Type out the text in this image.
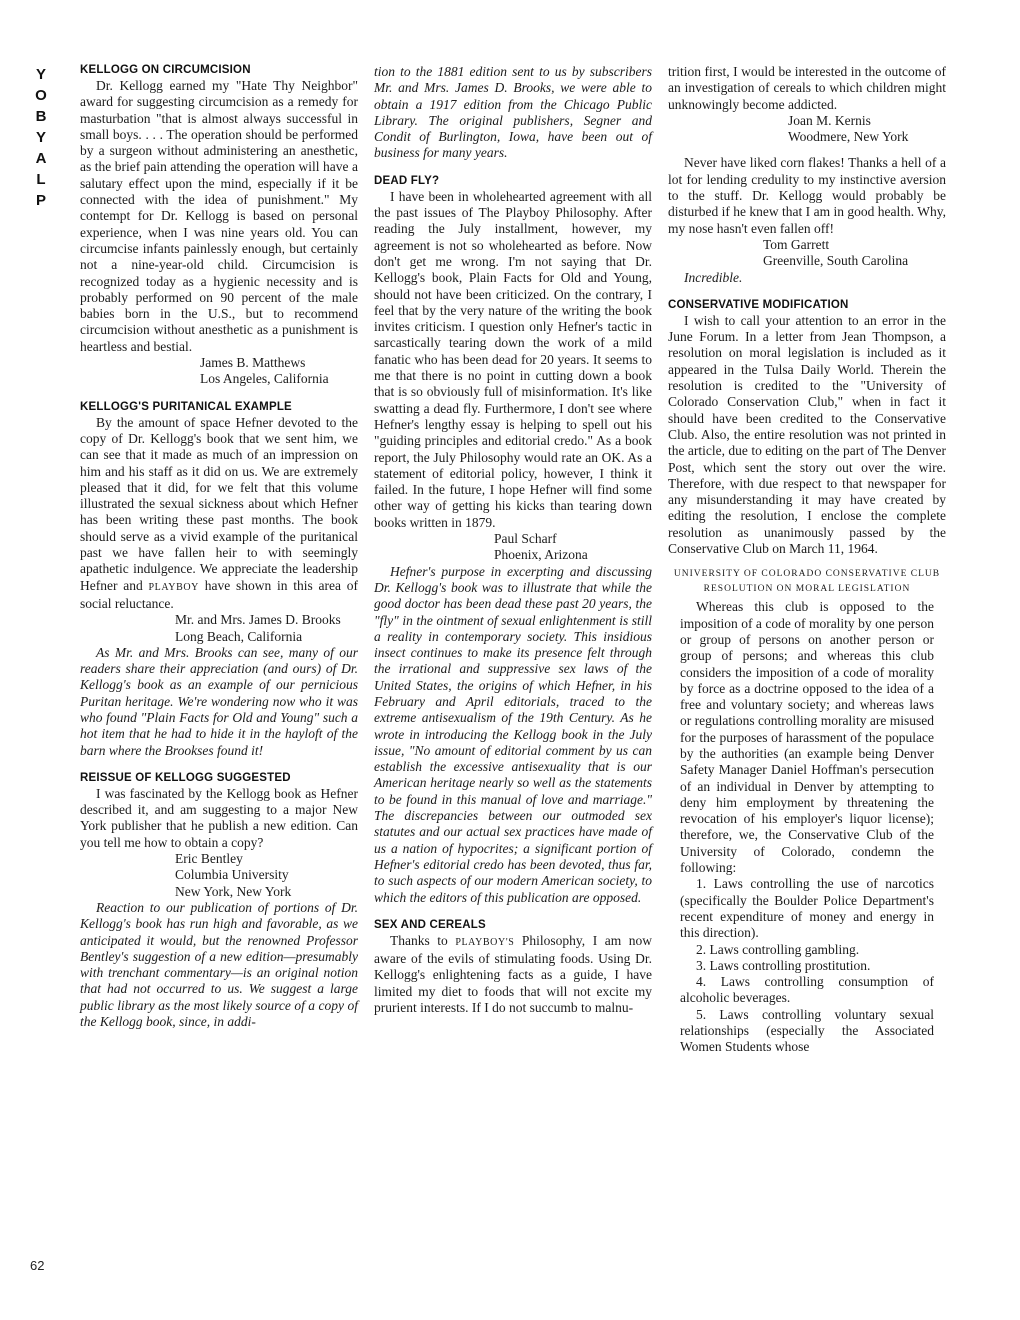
Y
O
B
Y
A
L
P
62
KELLOGG ON CIRCUMCISION

Dr. Kellogg earned my "Hate Thy Neighbor" award for suggesting circumcision as a remedy for masturbation "that is almost always successful in small boys. . . . The operation should be performed by a surgeon without administering an anesthetic, as the brief pain attending the operation will have a salutary effect upon the mind, especially if it be connected with the idea of punishment." My contempt for Dr. Kellogg is based on personal experience, when I was nine years old. You can circumcise infants painlessly enough, but certainly not a nine-year-old child. Circumcision is recognized today as a hygienic necessity and is probably performed on 90 percent of the male babies born in the U.S., but to recommend circumcision without anesthetic as a punishment is heartless and bestial.

James B. Matthews
Los Angeles, California
KELLOGG'S PURITANICAL EXAMPLE

By the amount of space Hefner devoted to the copy of Dr. Kellogg's book that we sent him, we can see that it made as much of an impression on him and his staff as it did on us. We are extremely pleased that it did, for we felt that this volume illustrated the sexual sickness about which Hefner has been writing these past months. The book should serve as a vivid example of the puritanical past we have fallen heir to with seemingly apathetic indulgence. We appreciate the leadership Hefner and PLAYBOY have shown in this area of social reluctance.

Mr. and Mrs. James D. Brooks
Long Beach, California

As Mr. and Mrs. Brooks can see, many of our readers share their appreciation (and ours) of Dr. Kellogg's book as an example of our pernicious Puritan heritage. We're wondering now who it was who found "Plain Facts for Old and Young" such a hot item that he had to hide it in the hayloft of the barn where the Brookses found it!

REISSUE OF KELLOGG SUGGESTED

I was fascinated by the Kellogg book as Hefner described it, and am suggesting to a major New York publisher that he publish a new edition. Can you tell me how to obtain a copy?

Eric Bentley
Columbia University
New York, New York

Reaction to our publication of portions of Dr. Kellogg's book has run high and favorable, as we anticipated it would, but the renowned Professor Bentley's suggestion of a new edition—presumably with trenchant commentary—is an original notion that had not occurred to us. We suggest a large public library as the most likely source of a copy of the Kellogg book, since, in addi-

tion to the 1881 edition sent to us by subscribers Mr. and Mrs. James D. Brooks, we were able to obtain a 1917 edition from the Chicago Public Library. The original publishers, Segner and Condit of Burlington, Iowa, have been out of business for many years.

DEAD FLY?

I have been in wholehearted agreement with all the past issues of The Playboy Philosophy. After reading the July installment, however, my agreement is not so wholehearted as before. Now don't get me wrong. I'm not saying that Dr. Kellogg's book, Plain Facts for Old and Young, should not have been criticized. On the contrary, I feel that by the very nature of the writing the book invites criticism. I question only Hefner's tactic in sarcastically tearing down the work of a mild fanatic who has been dead for 20 years. It seems to me that there is no point in cutting down a book that is so obviously full of misinformation. It's like swatting a dead fly. Furthermore, I don't see where Hefner's lengthy essay is helping to spell out his "guiding principles and editorial credo." As a book report, the July Philosophy would rate an OK. As a statement of editorial policy, however, I think it failed. In the future, I hope Hefner will find some other way of getting his kicks than tearing down books written in 1879.

Paul Scharf
Phoenix, Arizona

Hefner's purpose in excerpting and discussing Dr. Kellogg's book was to illustrate that while the good doctor has been dead these past 20 years, the "fly" in the ointment of sexual enlightenment is still a reality in contemporary society. This insidious insect continues to make its presence felt through the irrational and suppressive sex laws of the United States, the origins of which Hefner, in his February and April editorials, traced to the extreme antisexualism of the 19th Century. As he wrote in introducing the Kellogg book in the July issue, "No amount of editorial comment by us can establish the excessive antisexuality that is our American heritage nearly so well as the statements to be found in this manual of love and marriage." The discrepancies between our outmoded sex statutes and our actual sex practices have made of us a nation of hypocrites; a significant portion of Hefner's editorial credo has been devoted, thus far, to such aspects of our modern American society, to which the editors of this publication are opposed.

SEX AND CEREALS

Thanks to PLAYBOY'S Philosophy, I am now aware of the evils of stimulating foods. Using Dr. Kellogg's enlightening facts as a guide, I have limited my diet to foods that will not excite my prurient interests. If I do not succumb to malnu-

trition first, I would be interested in the outcome of an investigation of cereals to which children might unknowingly become addicted.

Joan M. Kernis
Woodmere, New York

Never have liked corn flakes! Thanks a hell of a lot for lending credulity to my instinctive aversion to the stuff. Dr. Kellogg would probably be disturbed if he knew that I am in good health. Why, my nose hasn't even fallen off!

Tom Garrett
Greenville, South Carolina

Incredible.

CONSERVATIVE MODIFICATION

I wish to call your attention to an error in the June Forum. In a letter from Jean Thompson, a resolution on moral legislation is included as it appeared in the Tulsa Daily World. Therein the resolution is credited to the "University of Colorado Conservation Club," when in fact it should have been credited to the Conservative Club. Also, the entire resolution was not printed in the article, due to editing on the part of The Denver Post, which sent the story out over the wire. Therefore, with due respect to that newspaper for any misunderstanding it may have created by editing the resolution, I enclose the complete resolution as unanimously passed by the Conservative Club on March 11, 1964.

UNIVERSITY OF COLORADO CONSERVATIVE CLUB RESOLUTION ON MORAL LEGISLATION

Whereas this club is opposed to the imposition of a code of morality by one person or group of persons on another person or group of persons; and whereas this club considers the imposition of a code of morality by force as a doctrine opposed to the idea of a free and voluntary society; and whereas laws or regulations controlling morality are misused for the purposes of harassment of the populace by the authorities (an example being Denver Safety Manager Daniel Hoffman's persecution of an individual in Denver by attempting to deny him employment by threatening the revocation of his employer's liquor license); therefore, we, the Conservative Club of the University of Colorado, condemn the following:

1. Laws controlling the use of narcotics (specifically the Boulder Police Department's recent expenditure of money and energy in this direction).

2. Laws controlling gambling.

3. Laws controlling prostitution.

4. Laws controlling consumption of alcoholic beverages.

5. Laws controlling voluntary sexual relationships (especially the Associated Women Students whose
